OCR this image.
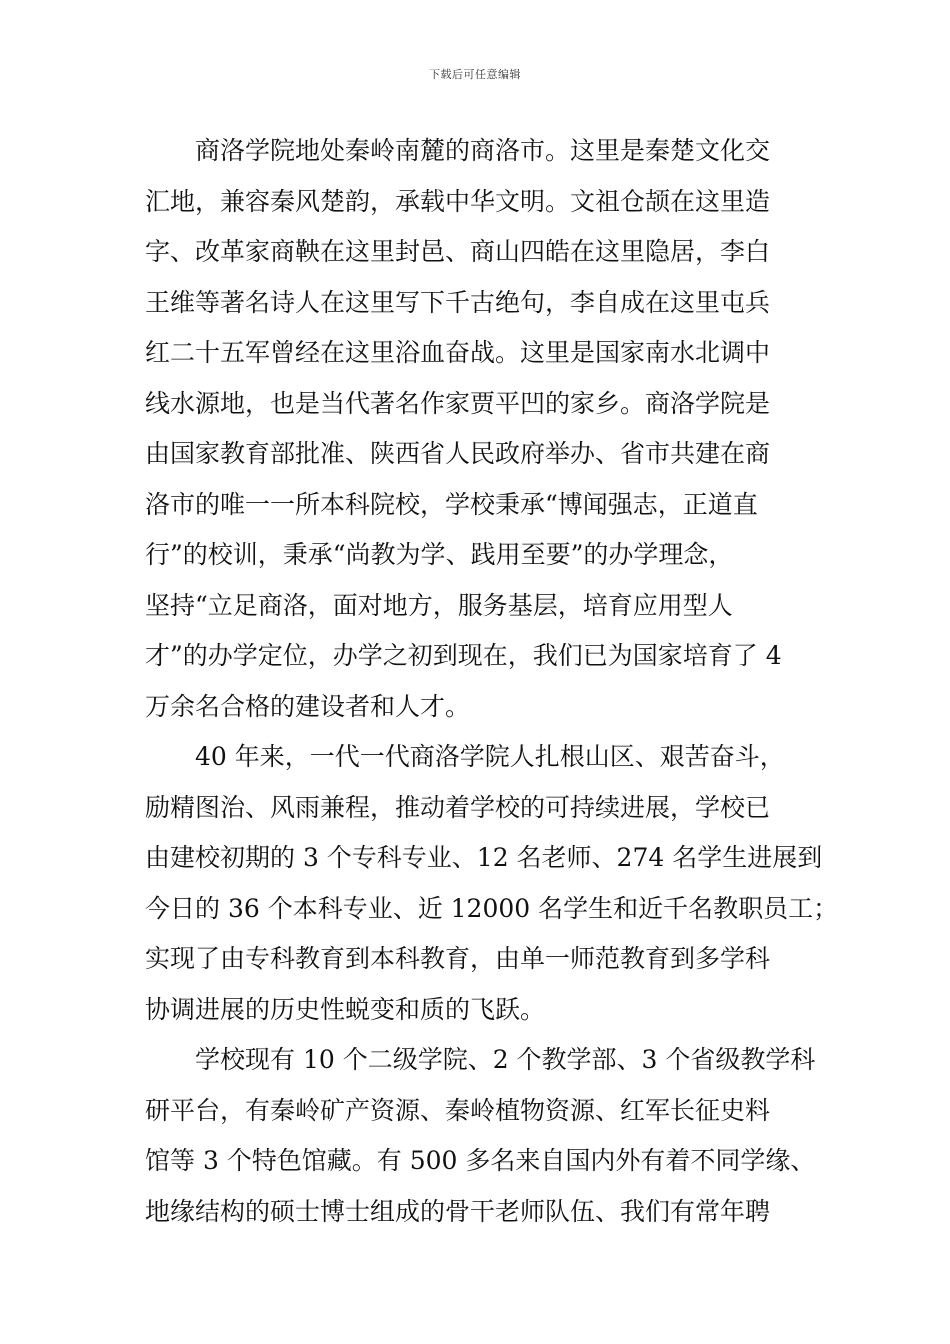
下载后可任意编辑
商洛学院地处秦岭南麓的商洛市。这里是秦楚文化交
汇地，兼容秦风楚韵，承载中华文明。文祖仓颉在这里造
字、改革家商鞅在这里封邑、商山四皓在这里隐居，李白
王维等著名诗人在这里写下千古绝句，李自成在这里屯兵
红二十五军曾经在这里浴血奋战。这里是国家南水北调中
线水源地，也是当代著名作家贾平凹的家乡。商洛学院是
由国家教育部批准、陕西省人民政府举办、省市共建在商
洛市的唯一一所本科院校，学校秉承“博闻强志，正道直
行”的校训，秉承“尚教为学、践用至要”的办学理念，
坚持“立足商洛，面对地方，服务基层，培育应用型人
才”的办学定位，办学之初到现在，我们已为国家培育了 4
万余名合格的建设者和人才。
40 年来，一代一代商洛学院人扎根山区、艰苦奋斗，
励精图治、风雨兼程，推动着学校的可持续进展，学校已
由建校初期的 3 个专科专业、12 名老师、274 名学生进展到
今日的 36 个本科专业、近 12000 名学生和近千名教职员工；
实现了由专科教育到本科教育，由单一师范教育到多学科
协调进展的历史性蜕变和质的飞跃。
学校现有 10 个二级学院、2 个教学部、3 个省级教学科
研平台，有秦岭矿产资源、秦岭植物资源、红军长征史料
馆等 3 个特色馆藏。有 500 多名来自国内外有着不同学缘、
地缘结构的硕士博士组成的骨干老师队伍、我们有常年聘
